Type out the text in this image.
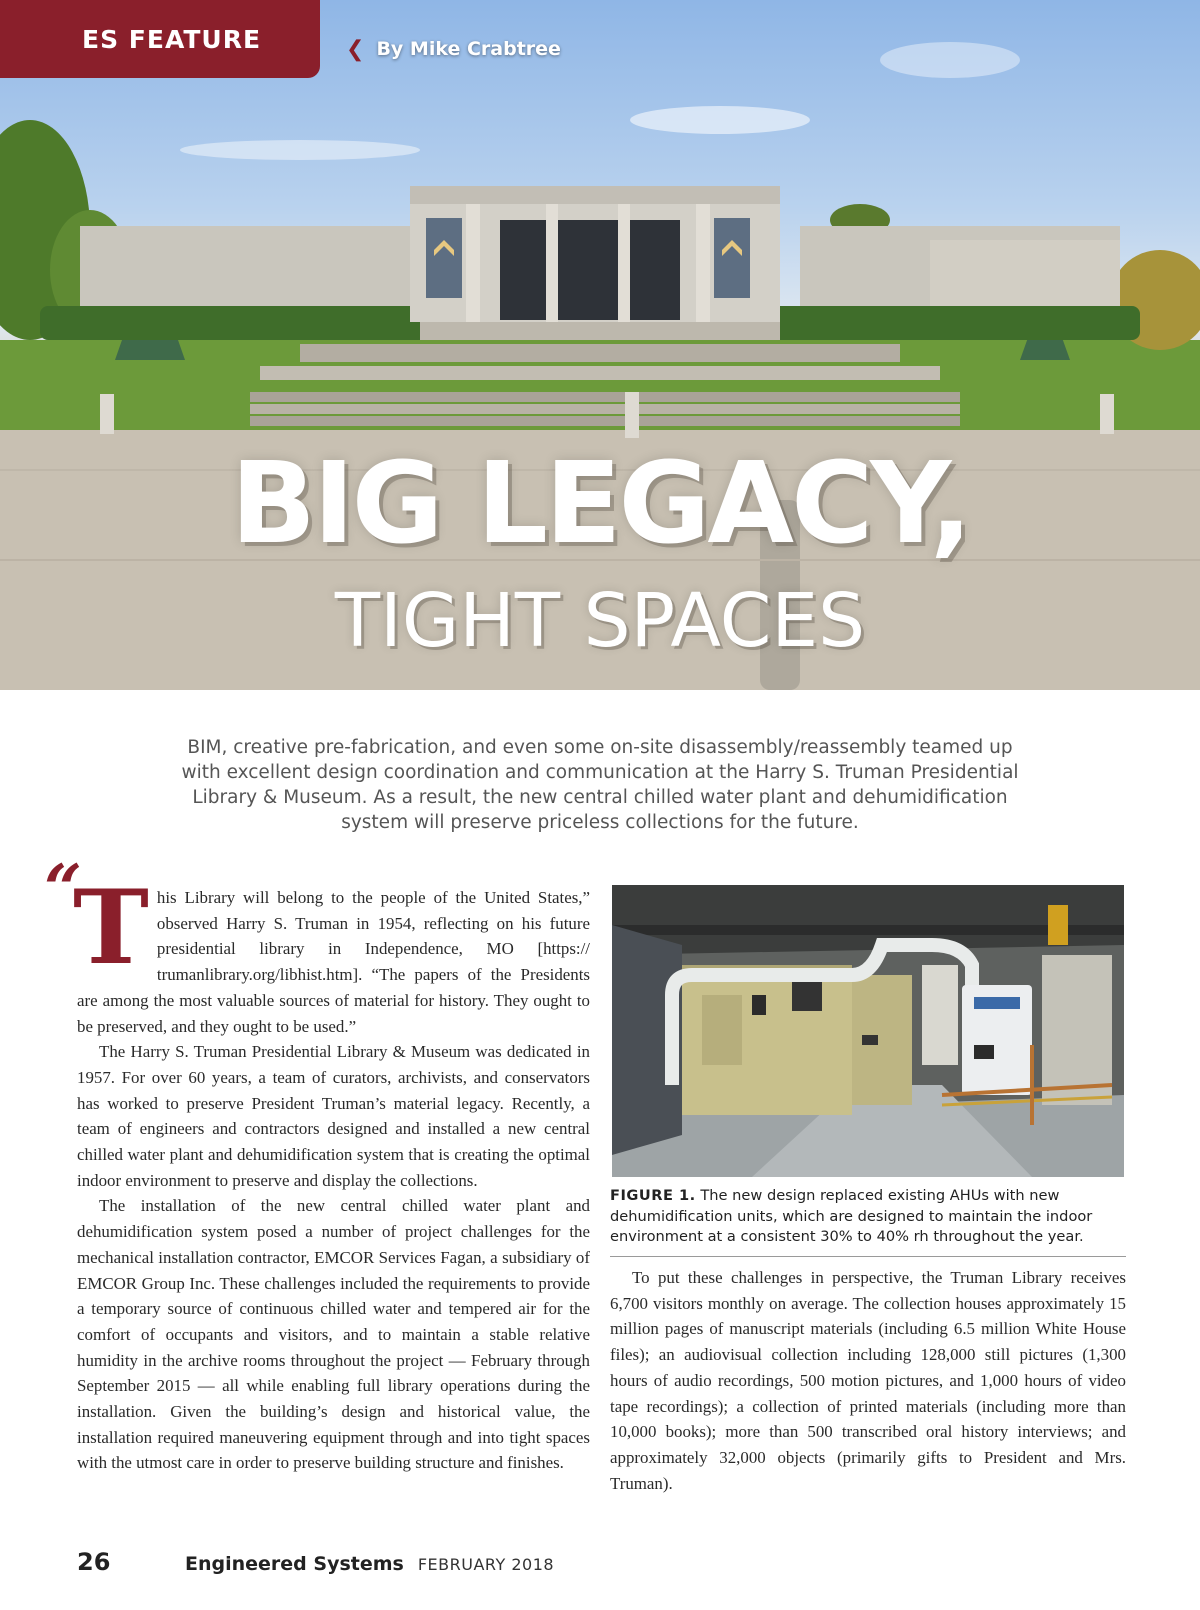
ES FEATURE	❮ By Mike Crabtree
BIG LEGACY,
TIGHT SPACES
BIM, creative pre-fabrication, and even some on-site disassembly/reassembly teamed up with excellent design coordination and communication at the Harry S. Truman Presidential Library & Museum. As a result, the new central chilled water plant and dehumidification system will preserve priceless collections for the future.
“

This Library will belong to the people of the United States,” observed Harry S. Truman in 1954, reflecting on his future presidential library in Independence, MO [https:// trumanlibrary.org/libhist.htm]. “The papers of the Presidents are among the most valuable sources of material for history. They ought to be preserved, and they ought to be used.”

The Harry S. Truman Presidential Library & Museum was dedicated in 1957. For over 60 years, a team of curators, archivists, and conservators has worked to preserve President Truman’s material legacy. Recently, a team of engineers and contractors designed and installed a new central chilled water plant and dehumidification system that is creating the optimal indoor environment to preserve and display the collections.

The installation of the new central chilled water plant and dehumidification system posed a number of project challenges for the mechanical installation contractor, EMCOR Services Fagan, a subsidiary of EMCOR Group Inc. These challenges included the requirements to provide a temporary source of continuous chilled water and tempered air for the comfort of occupants and visitors, and to maintain a stable relative humidity in the archive rooms throughout the project — February through September 2015 — all while enabling full library operations during the installation. Given the building’s design and historical value, the installation required maneuvering equipment through and into tight spaces with the utmost care in order to preserve building structure and finishes.

FIGURE 1. The new design replaced existing AHUs with new dehumidification units, which are designed to maintain the indoor environment at a consistent 30% to 40% rh throughout the year.
To put these challenges in perspective, the Truman Library receives 6,700 visitors monthly on average. The collection houses approximately 15 million pages of manuscript materials (including 6.5 million White House files); an audiovisual collection including 128,000 still pictures (1,300 hours of audio recordings, 500 motion pictures, and 1,000 hours of video tape recordings); a collection of printed materials (including more than 10,000 books); more than 500 transcribed oral history interviews; and approximately 32,000 objects (primarily gifts to President and Mrs. Truman).
26	Engineered Systems FEBRUARY 2018
